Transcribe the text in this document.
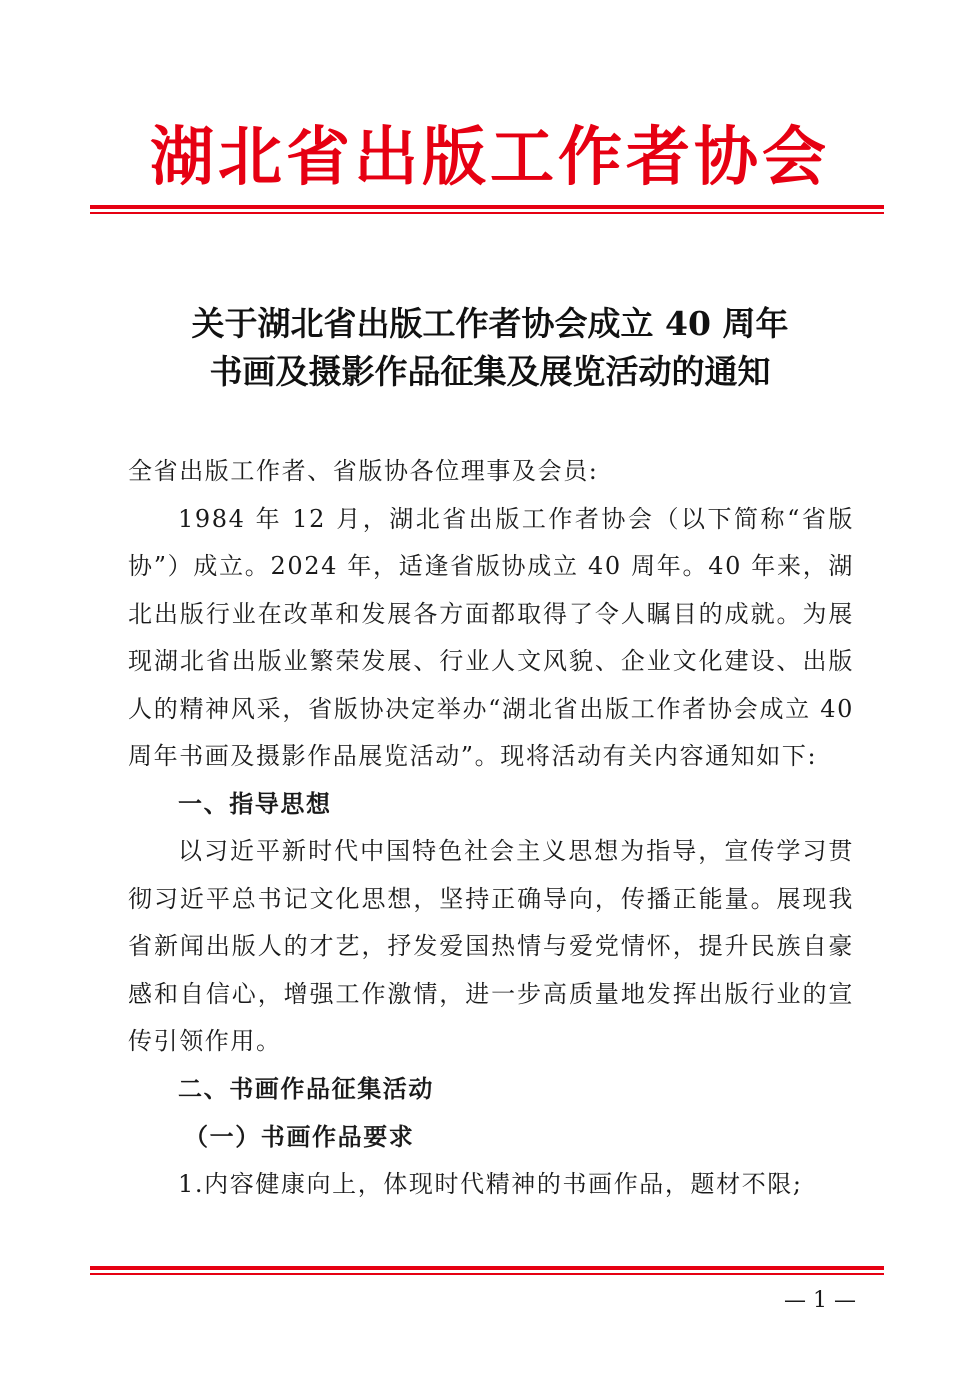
湖北省出版工作者协会
关于湖北省出版工作者协会成立 40 周年
书画及摄影作品征集及展览活动的通知

全省出版工作者、省版协各位理事及会员:

1984 年 12 月，湖北省出版工作者协会（以下简称“省版协”）成立。2024 年，适逢省版协成立 40 周年。40 年来，湖北出版行业在改革和发展各方面都取得了令人瞩目的成就。为展现湖北省出版业繁荣发展、行业人文风貌、企业文化建设、出版人的精神风采，省版协决定举办“湖北省出版工作者协会成立 40 周年书画及摄影作品展览活动”。现将活动有关内容通知如下:

一、指导思想

以习近平新时代中国特色社会主义思想为指导，宣传学习贯彻习近平总书记文化思想，坚持正确导向，传播正能量。展现我省新闻出版人的才艺，抒发爱国热情与爱党情怀，提升民族自豪感和自信心，增强工作激情，进一步高质量地发挥出版行业的宣传引领作用。

二、书画作品征集活动

（一）书画作品要求

1.内容健康向上，体现时代精神的书画作品，题材不限;

— 1 —
